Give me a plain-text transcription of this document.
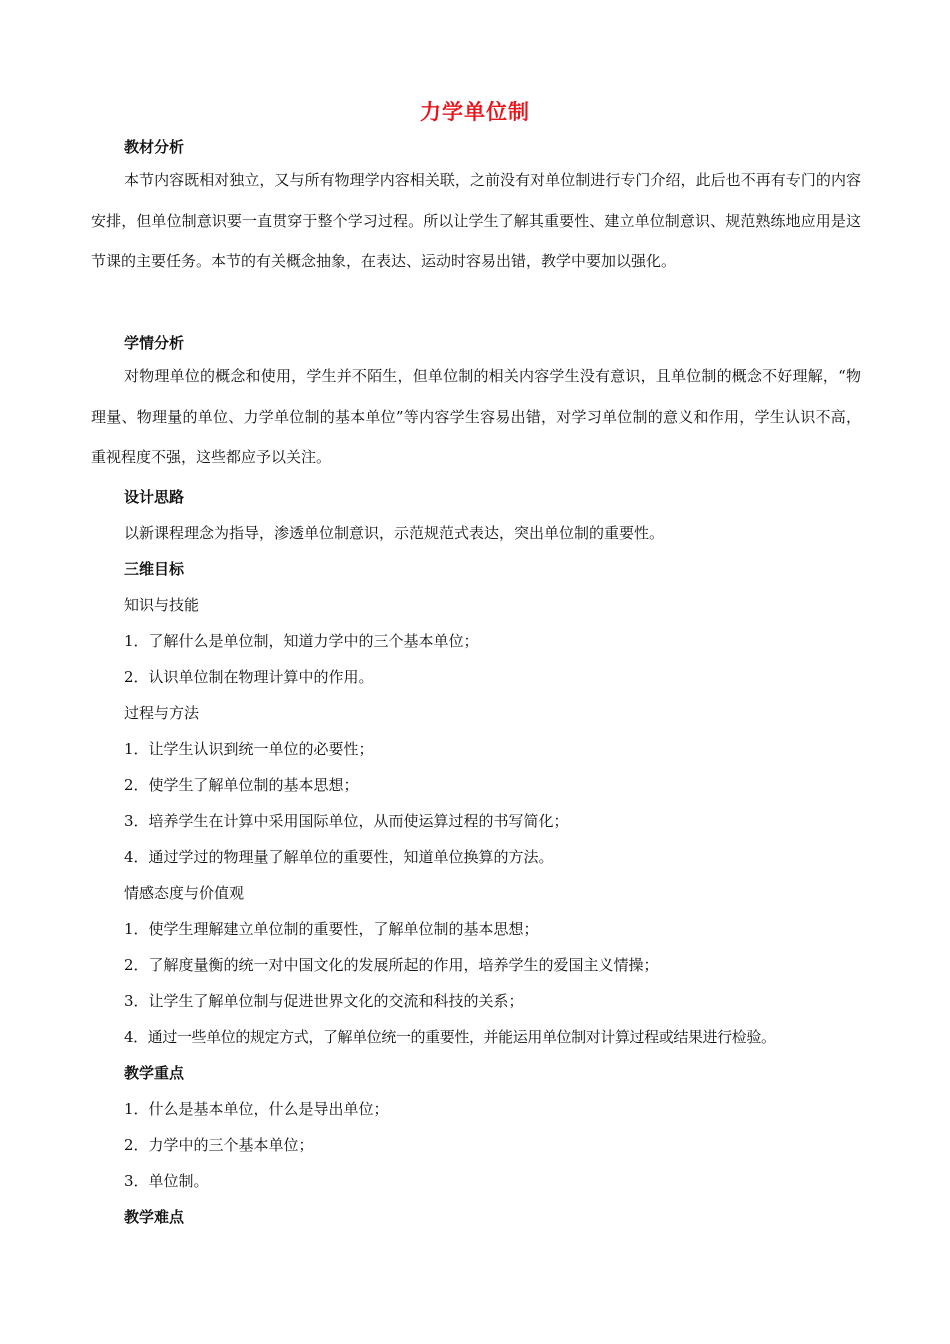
力学单位制
教材分析
本节内容既相对独立，又与所有物理学内容相关联，之前没有对单位制进行专门介绍，此后也不再有专门的内容安排，但单位制意识要一直贯穿于整个学习过程。所以让学生了解其重要性、建立单位制意识、规范熟练地应用是这节课的主要任务。本节的有关概念抽象，在表达、运动时容易出错，教学中要加以强化。
学情分析
对物理单位的概念和使用，学生并不陌生，但单位制的相关内容学生没有意识，且单位制的概念不好理解，“物理量、物理量的单位、力学单位制的基本单位”等内容学生容易出错，对学习单位制的意义和作用，学生认识不高，重视程度不强，这些都应予以关注。
设计思路
以新课程理念为指导，渗透单位制意识，示范规范式表达，突出单位制的重要性。
三维目标
知识与技能
1．了解什么是单位制，知道力学中的三个基本单位；
2．认识单位制在物理计算中的作用。
过程与方法
1．让学生认识到统一单位的必要性；
2．使学生了解单位制的基本思想；
3．培养学生在计算中采用国际单位，从而使运算过程的书写简化；
4．通过学过的物理量了解单位的重要性，知道单位换算的方法。
情感态度与价值观
1．使学生理解建立单位制的重要性，了解单位制的基本思想；
2．了解度量衡的统一对中国文化的发展所起的作用，培养学生的爱国主义情操；
3．让学生了解单位制与促进世界文化的交流和科技的关系；
4．通过一些单位的规定方式，了解单位统一的重要性，并能运用单位制对计算过程或结果进行检验。
教学重点
1．什么是基本单位，什么是导出单位；
2．力学中的三个基本单位；
3．单位制。
教学难点
